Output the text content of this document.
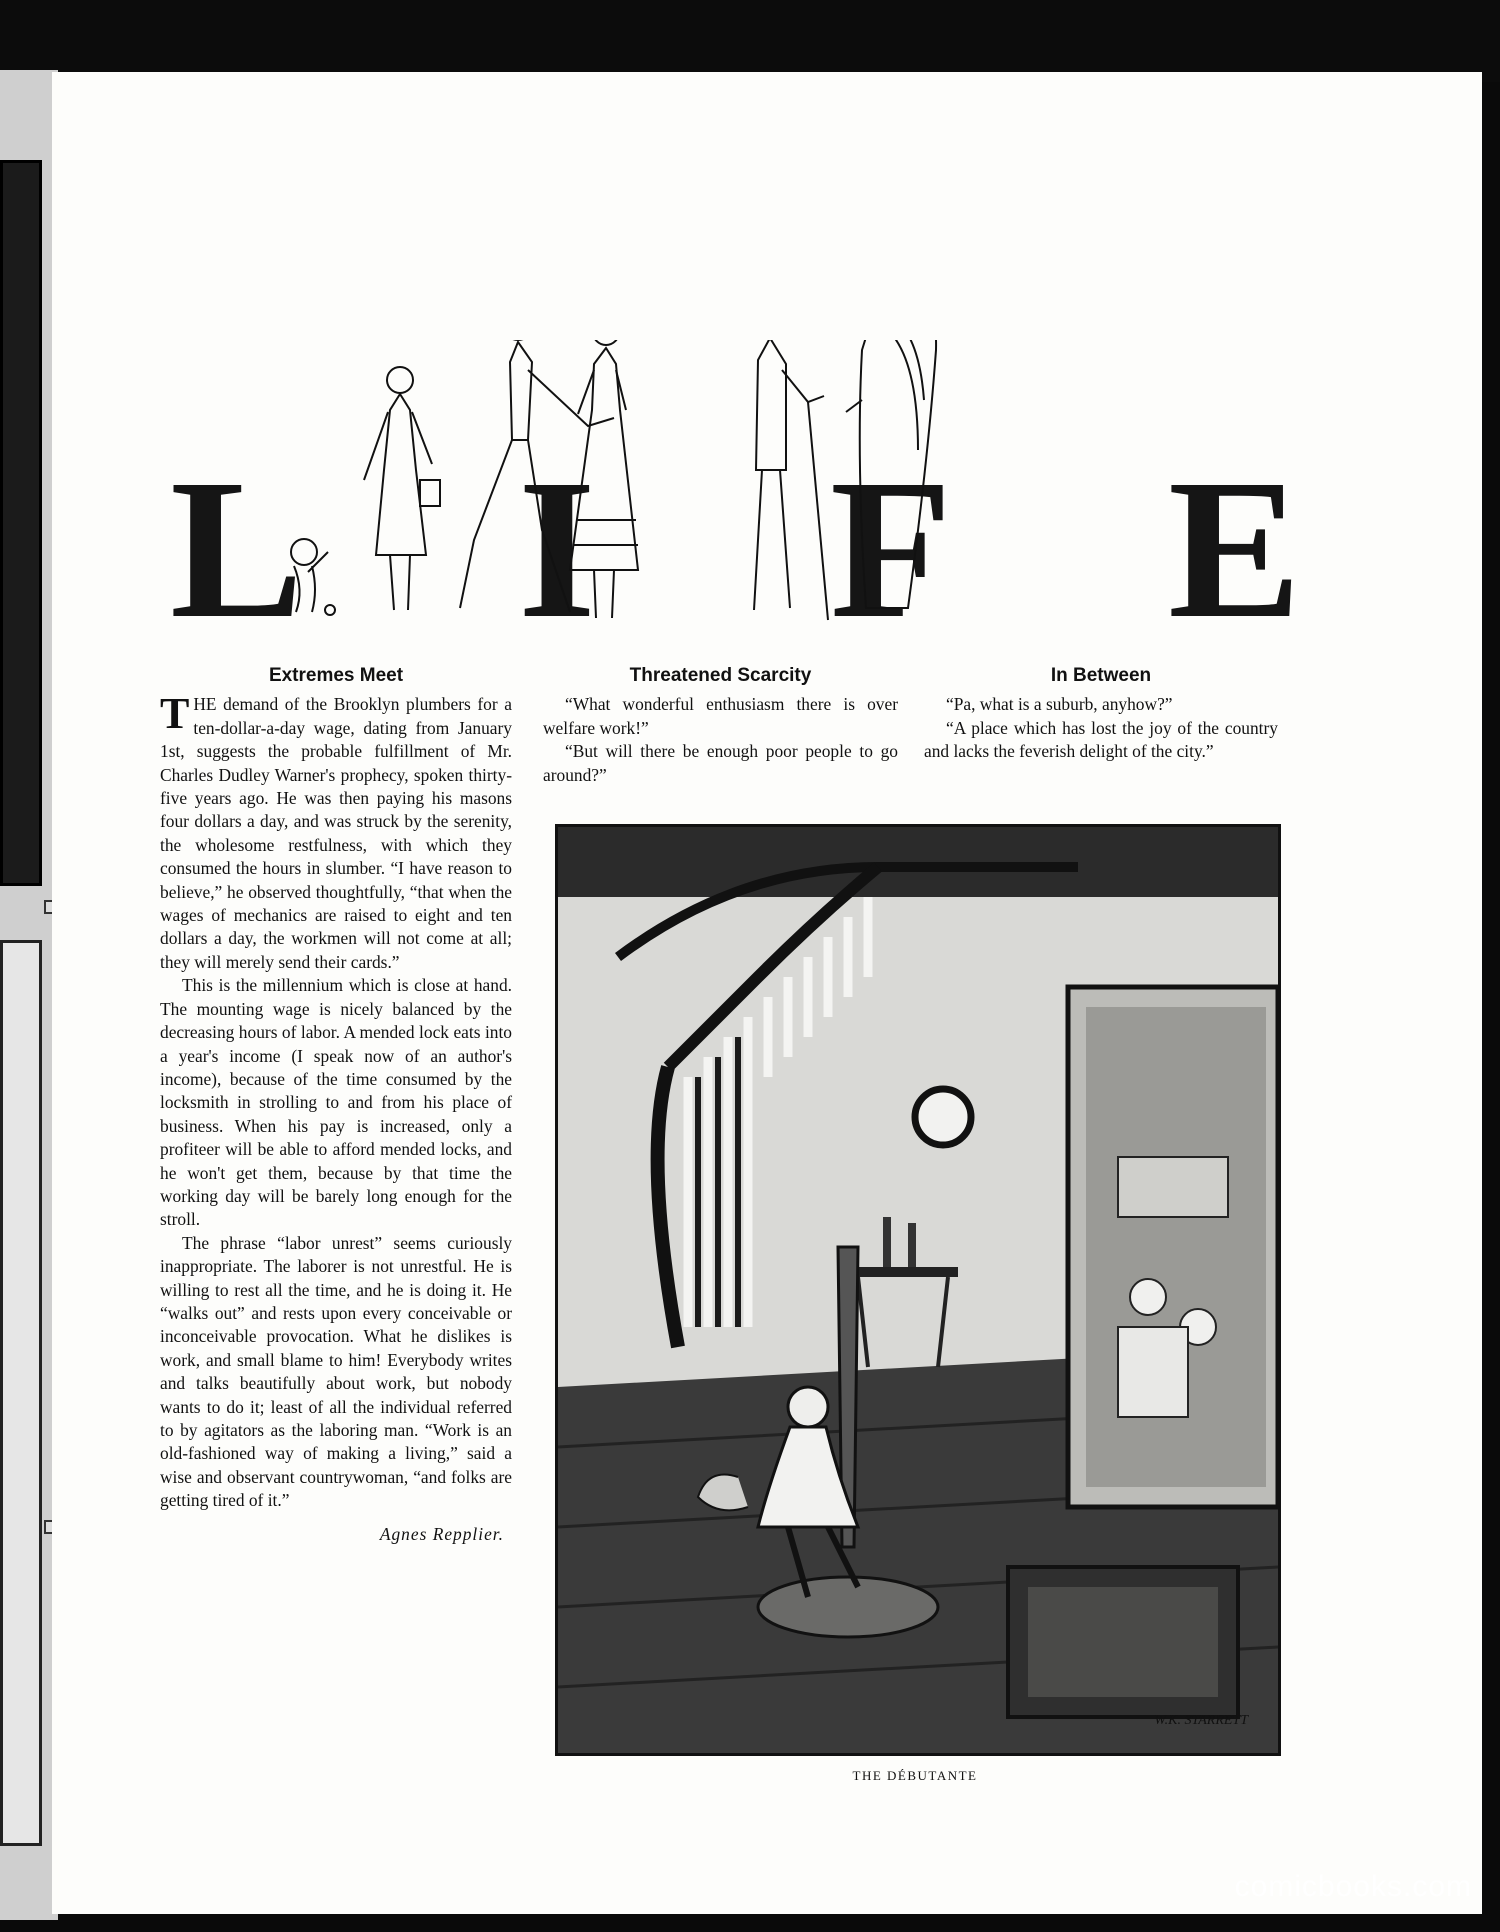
L I F E
Extremes Meet

THE demand of the Brooklyn plumbers for a ten-dollar-a-day wage, dating from January 1st, suggests the probable fulfillment of Mr. Charles Dudley Warner's prophecy, spoken thirty-five years ago. He was then paying his masons four dollars a day, and was struck by the serenity, the wholesome restfulness, with which they consumed the hours in slumber. “I have reason to believe,” he observed thoughtfully, “that when the wages of mechanics are raised to eight and ten dollars a day, the workmen will not come at all; they will merely send their cards.”

This is the millennium which is close at hand. The mounting wage is nicely balanced by the decreasing hours of labor. A mended lock eats into a year's income (I speak now of an author's income), because of the time consumed by the locksmith in strolling to and from his place of business. When his pay is increased, only a profiteer will be able to afford mended locks, and he won't get them, because by that time the working day will be barely long enough for the stroll.

The phrase “labor unrest” seems curiously inappropriate. The laborer is not unrestful. He is willing to rest all the time, and he is doing it. He “walks out” and rests upon every conceivable or inconceivable provocation. What he dislikes is work, and small blame to him! Everybody writes and talks beautifully about work, but nobody wants to do it; least of all the individual referred to by agitators as the laboring man. “Work is an old-fashioned way of making a living,” said a wise and observant countrywoman, “and folks are getting tired of it.”

Agnes Repplier.
Threatened Scarcity

“What wonderful enthusiasm there is over welfare work!”

“But will there be enough poor people to go around?”

In Between

“Pa, what is a suburb, anyhow?”

“A place which has lost the joy of the country and lacks the feverish delight of the city.”

W.K. STARRETT
THE DÉBUTANTE
comicbooks.com
